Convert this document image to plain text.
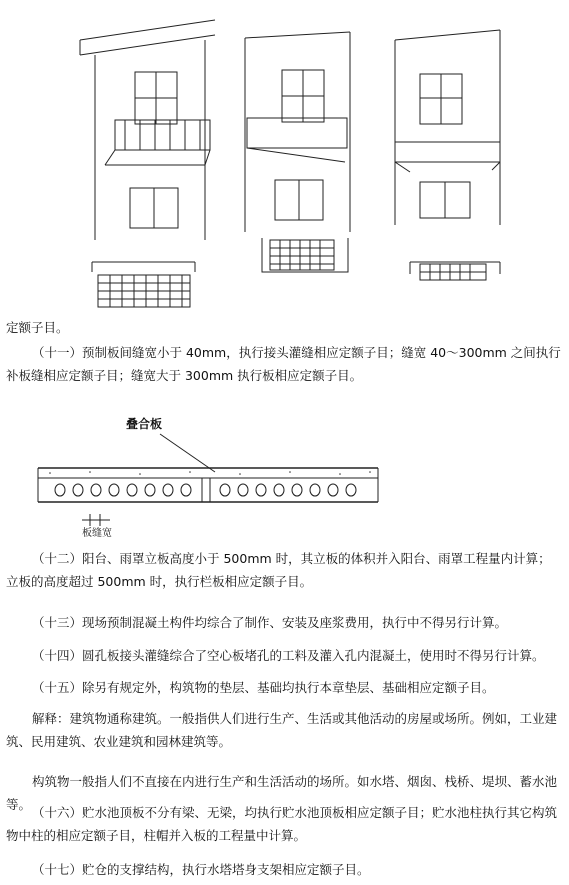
定额子目。

（十一）预制板间缝宽小于 40mm，执行接头灌缝相应定额子目；缝宽 40～300mm 之间执行补板缝相应定额子目；缝宽大于 300mm 执行板相应定额子目。

叠合板
板缝宽

（十二）阳台、雨罩立板高度小于 500mm 时，其立板的体积并入阳台、雨罩工程量内计算；立板的高度超过 500mm 时，执行栏板相应定额子目。

（十三）现场预制混凝土构件均综合了制作、安装及座浆费用，执行中不得另行计算。

（十四）圆孔板接头灌缝综合了空心板堵孔的工料及灌入孔内混凝土，使用时不得另行计算。

（十五）除另有规定外，构筑物的垫层、基础均执行本章垫层、基础相应定额子目。

解释：建筑物通称建筑。一般指供人们进行生产、生活或其他活动的房屋或场所。例如，工业建筑、民用建筑、农业建筑和园林建筑等。

构筑物一般指人们不直接在内进行生产和生活活动的场所。如水塔、烟囱、栈桥、堤坝、蓄水池等。

（十六）贮水池顶板不分有梁、无梁，均执行贮水池顶板相应定额子目；贮水池柱执行其它构筑物中柱的相应定额子目，柱帽并入板的工程量中计算。

（十七）贮仓的支撑结构，执行水塔塔身支架相应定额子目。
